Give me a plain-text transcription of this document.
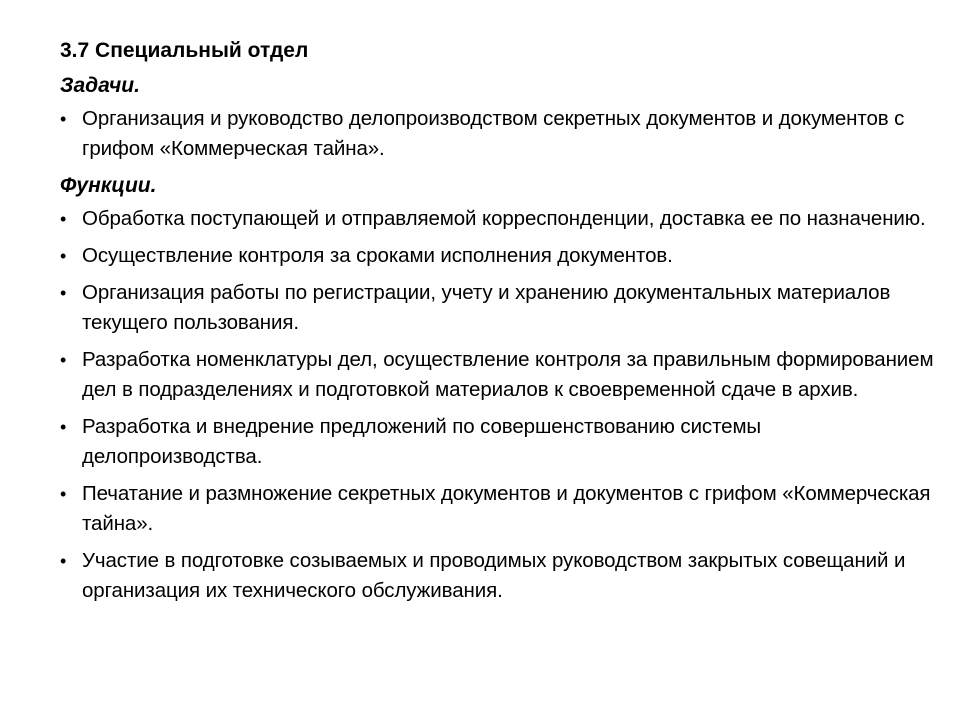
3.7 Специальный отдел
Задачи.
• Организация и руководство делопроизводством секретных документов и документов с грифом «Коммерческая тайна».
Функции.
• Обработка поступающей и отправляемой корреспонденции, доставка ее по назначению.
• Осуществление контроля за сроками исполнения документов.
• Организация работы по регистрации, учету и хранению документальных материалов текущего пользования.
• Разработка номенклатуры дел, осуществление контроля за правильным формированием дел в подразделениях и подготовкой материалов к своевременной сдаче в архив.
• Разработка и внедрение предложений по совершенствованию системы делопроизводства.
• Печатание и размножение секретных документов и документов с грифом «Коммерческая тайна».
• Участие в подготовке созываемых и проводимых руководством закрытых совещаний и организация их технического обслуживания.
